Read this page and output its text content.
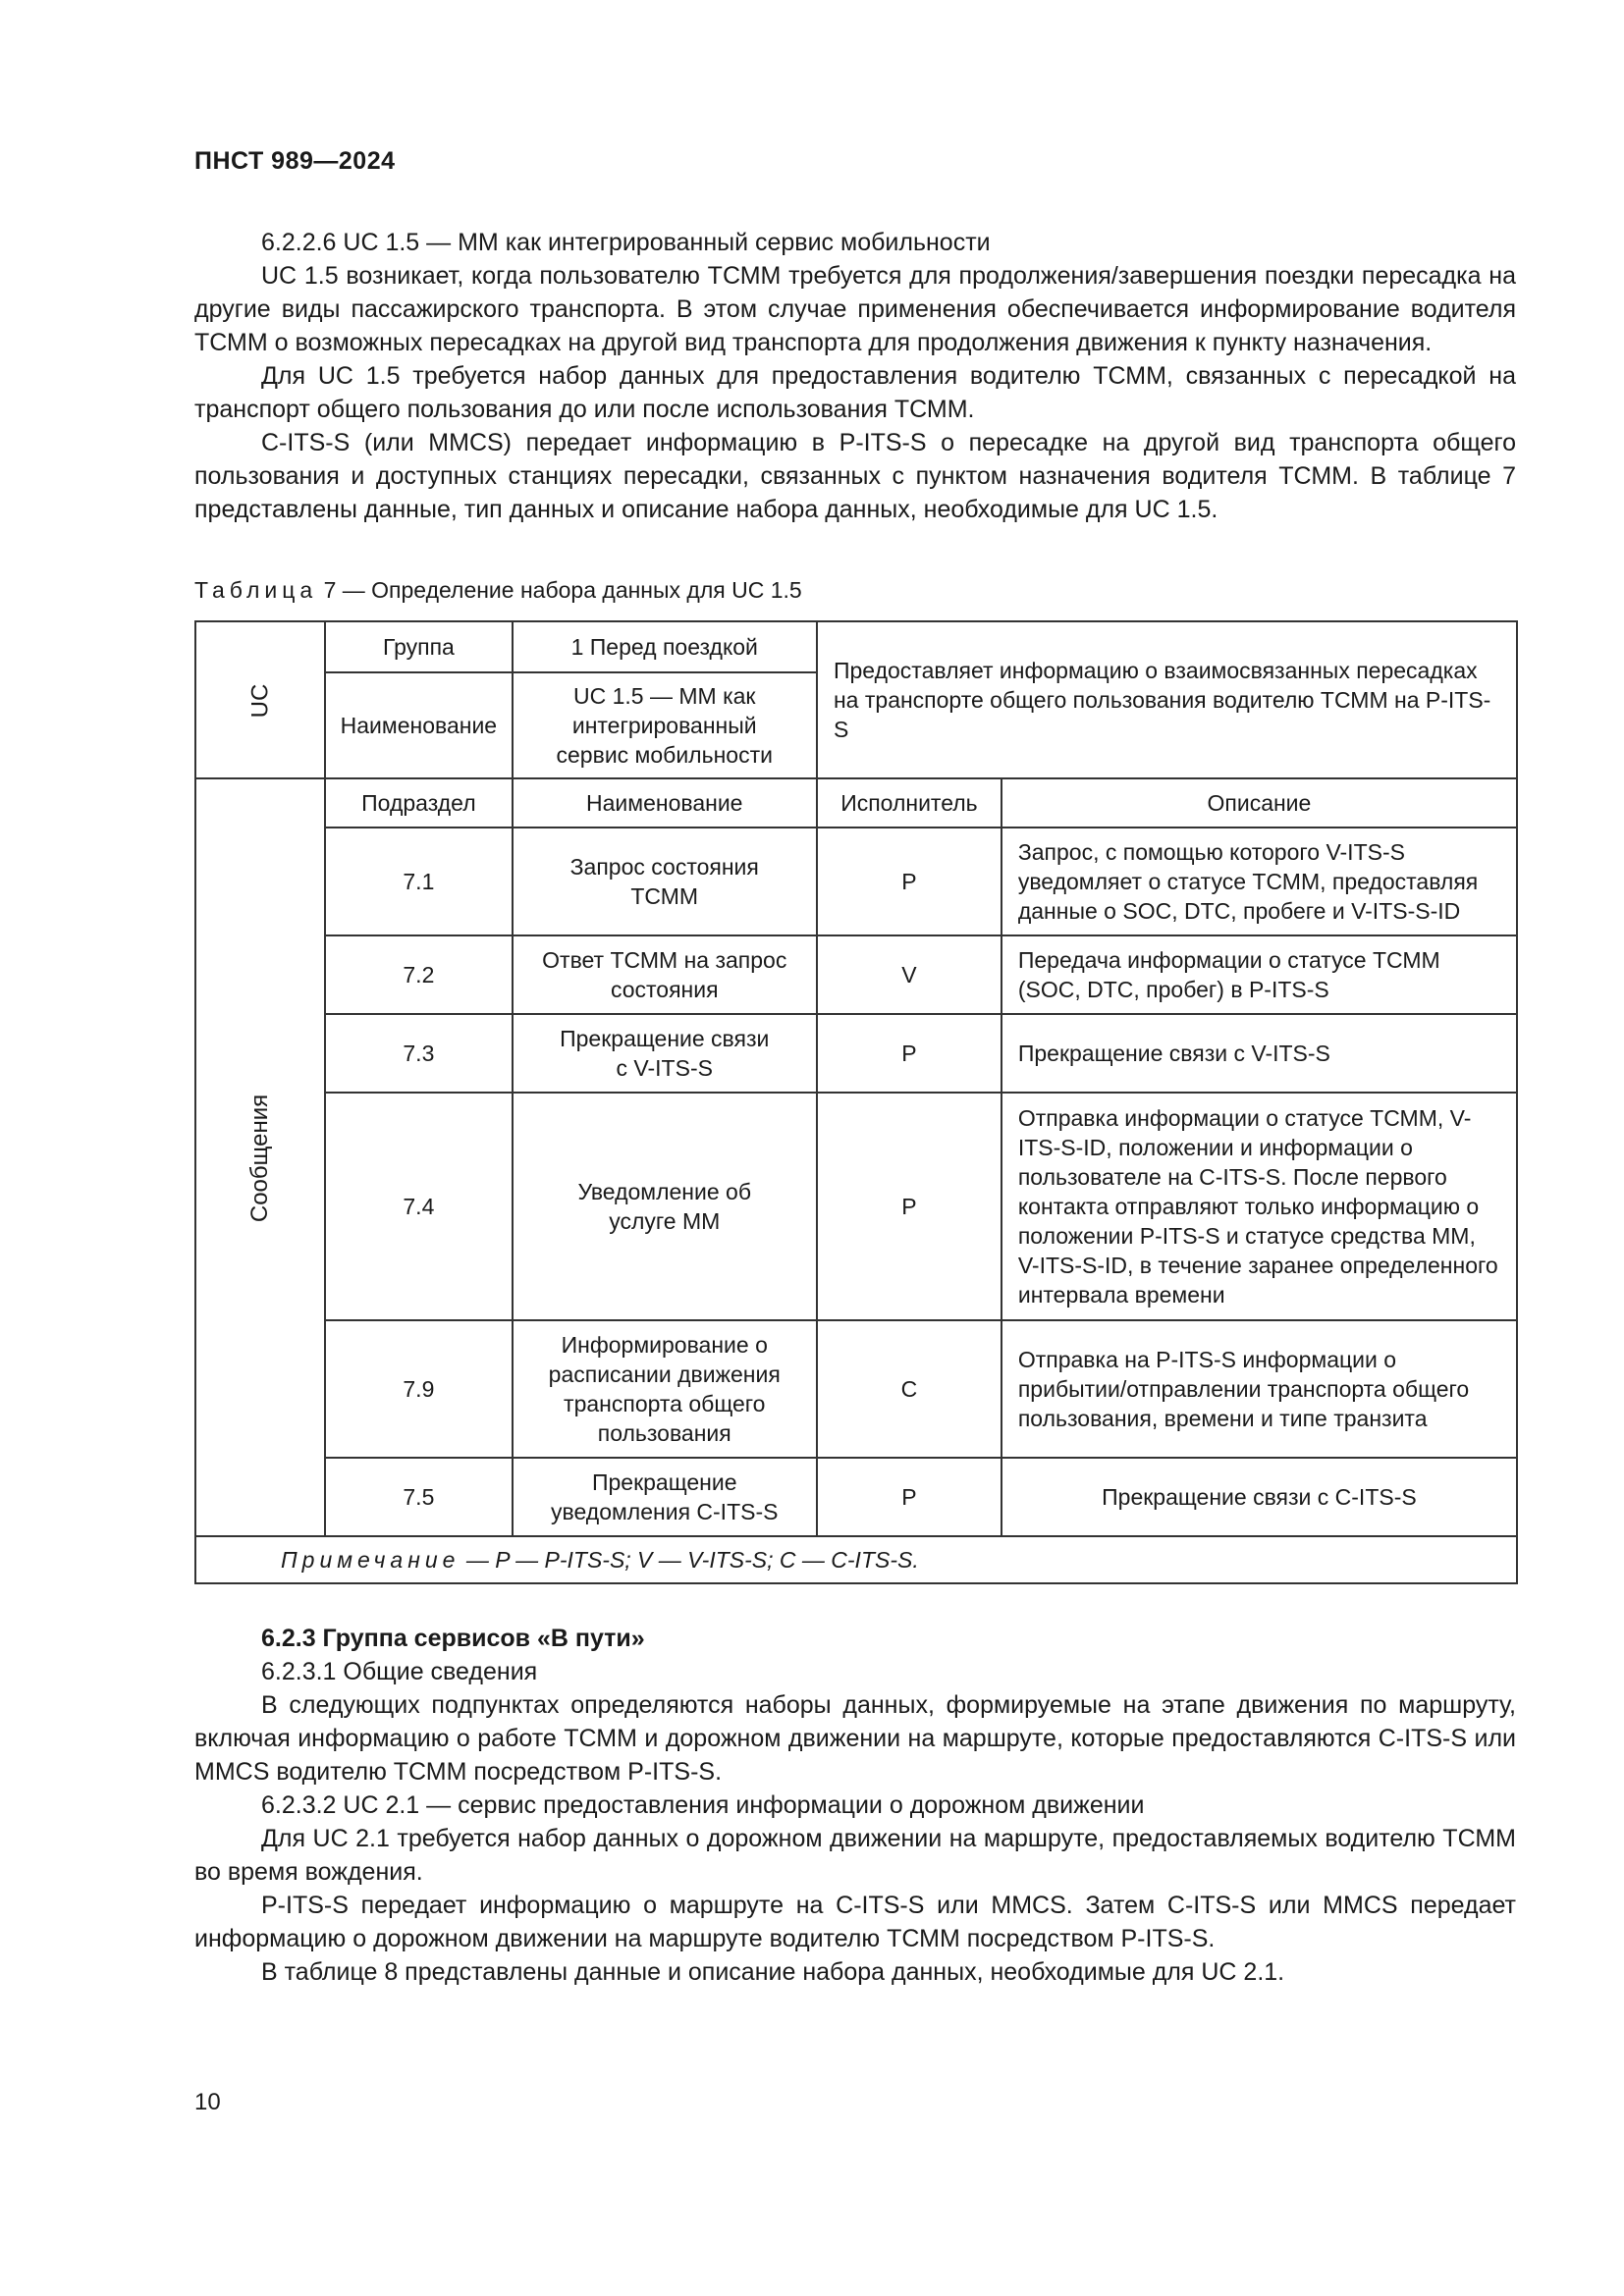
ПНСТ 989—2024

6.2.2.6 UC 1.5 — ММ как интегрированный сервис мобильности

UC 1.5 возникает, когда пользователю ТСММ требуется для продолжения/завершения поездки пересадка на другие виды пассажирского транспорта. В этом случае применения обеспечивается информирование водителя ТСММ о возможных пересадках на другой вид транспорта для продолжения движения к пункту назначения.

Для UC 1.5 требуется набор данных для предоставления водителю ТСММ, связанных с пересадкой на транспорт общего пользования до или после использования ТСММ.

C-ITS-S (или MMCS) передает информацию в P-ITS-S о пересадке на другой вид транспорта общего пользования и доступных станциях пересадки, связанных с пунктом назначения водителя ТСММ. В таблице 7 представлены данные, тип данных и описание набора данных, необходимые для UC 1.5.

Таблица 7 — Определение набора данных для UC 1.5
UC	Группа	1 Перед поездкой	Предоставляет информацию о взаимосвязанных пересадках на транспорте общего пользования водителю ТСММ на P-ITS-S	
	Наименование	UC 1.5 — ММ как интегрированный сервис мобильности		
Сообщения	Подраздел	Наименование	Исполнитель	Описание
	7.1	Запрос состояния ТСММ	P	Запрос, с помощью которого V-ITS-S уведомляет о статусе ТСММ, предоставляя данные о SOC, DTC, пробеге и V-ITS-S-ID
	7.2	Ответ ТСММ на запрос состояния	V	Передача информации о статусе ТСММ (SOC, DTC, пробег) в P-ITS-S
	7.3	Прекращение связи с V-ITS-S	P	Прекращение связи с V-ITS-S
	7.4	Уведомление об услуге ММ	P	Отправка информации о статусе ТСММ, V-ITS-S-ID, положении и информации о пользователе на C-ITS-S. После первого контакта отправляют только информацию о положении P-ITS-S и статусе средства ММ, V-ITS-S-ID, в течение заранее определенного интервала времени
	7.9	Информирование о расписании движения транспорта общего пользования	C	Отправка на P-ITS-S информации о прибытии/отправлении транспорта общего пользования, времени и типе транзита
	7.5	Прекращение уведомления C-ITS-S	P	Прекращение связи с C-ITS-S
Примечание — P — P-ITS-S; V — V-ITS-S; C — C-ITS-S.				

6.2.3 Группа сервисов «В пути»

6.2.3.1 Общие сведения

В следующих подпунктах определяются наборы данных, формируемые на этапе движения по маршруту, включая информацию о работе ТСММ и дорожном движении на маршруте, которые предоставляются C-ITS-S или MMCS водителю ТСММ посредством P-ITS-S.

6.2.3.2 UC 2.1 — сервис предоставления информации о дорожном движении

Для UC 2.1 требуется набор данных о дорожном движении на маршруте, предоставляемых водителю ТСММ во время вождения.

P-ITS-S передает информацию о маршруте на C-ITS-S или MMCS. Затем C-ITS-S или MMCS передает информацию о дорожном движении на маршруте водителю ТСММ посредством P-ITS-S.

В таблице 8 представлены данные и описание набора данных, необходимые для UC 2.1.

10
